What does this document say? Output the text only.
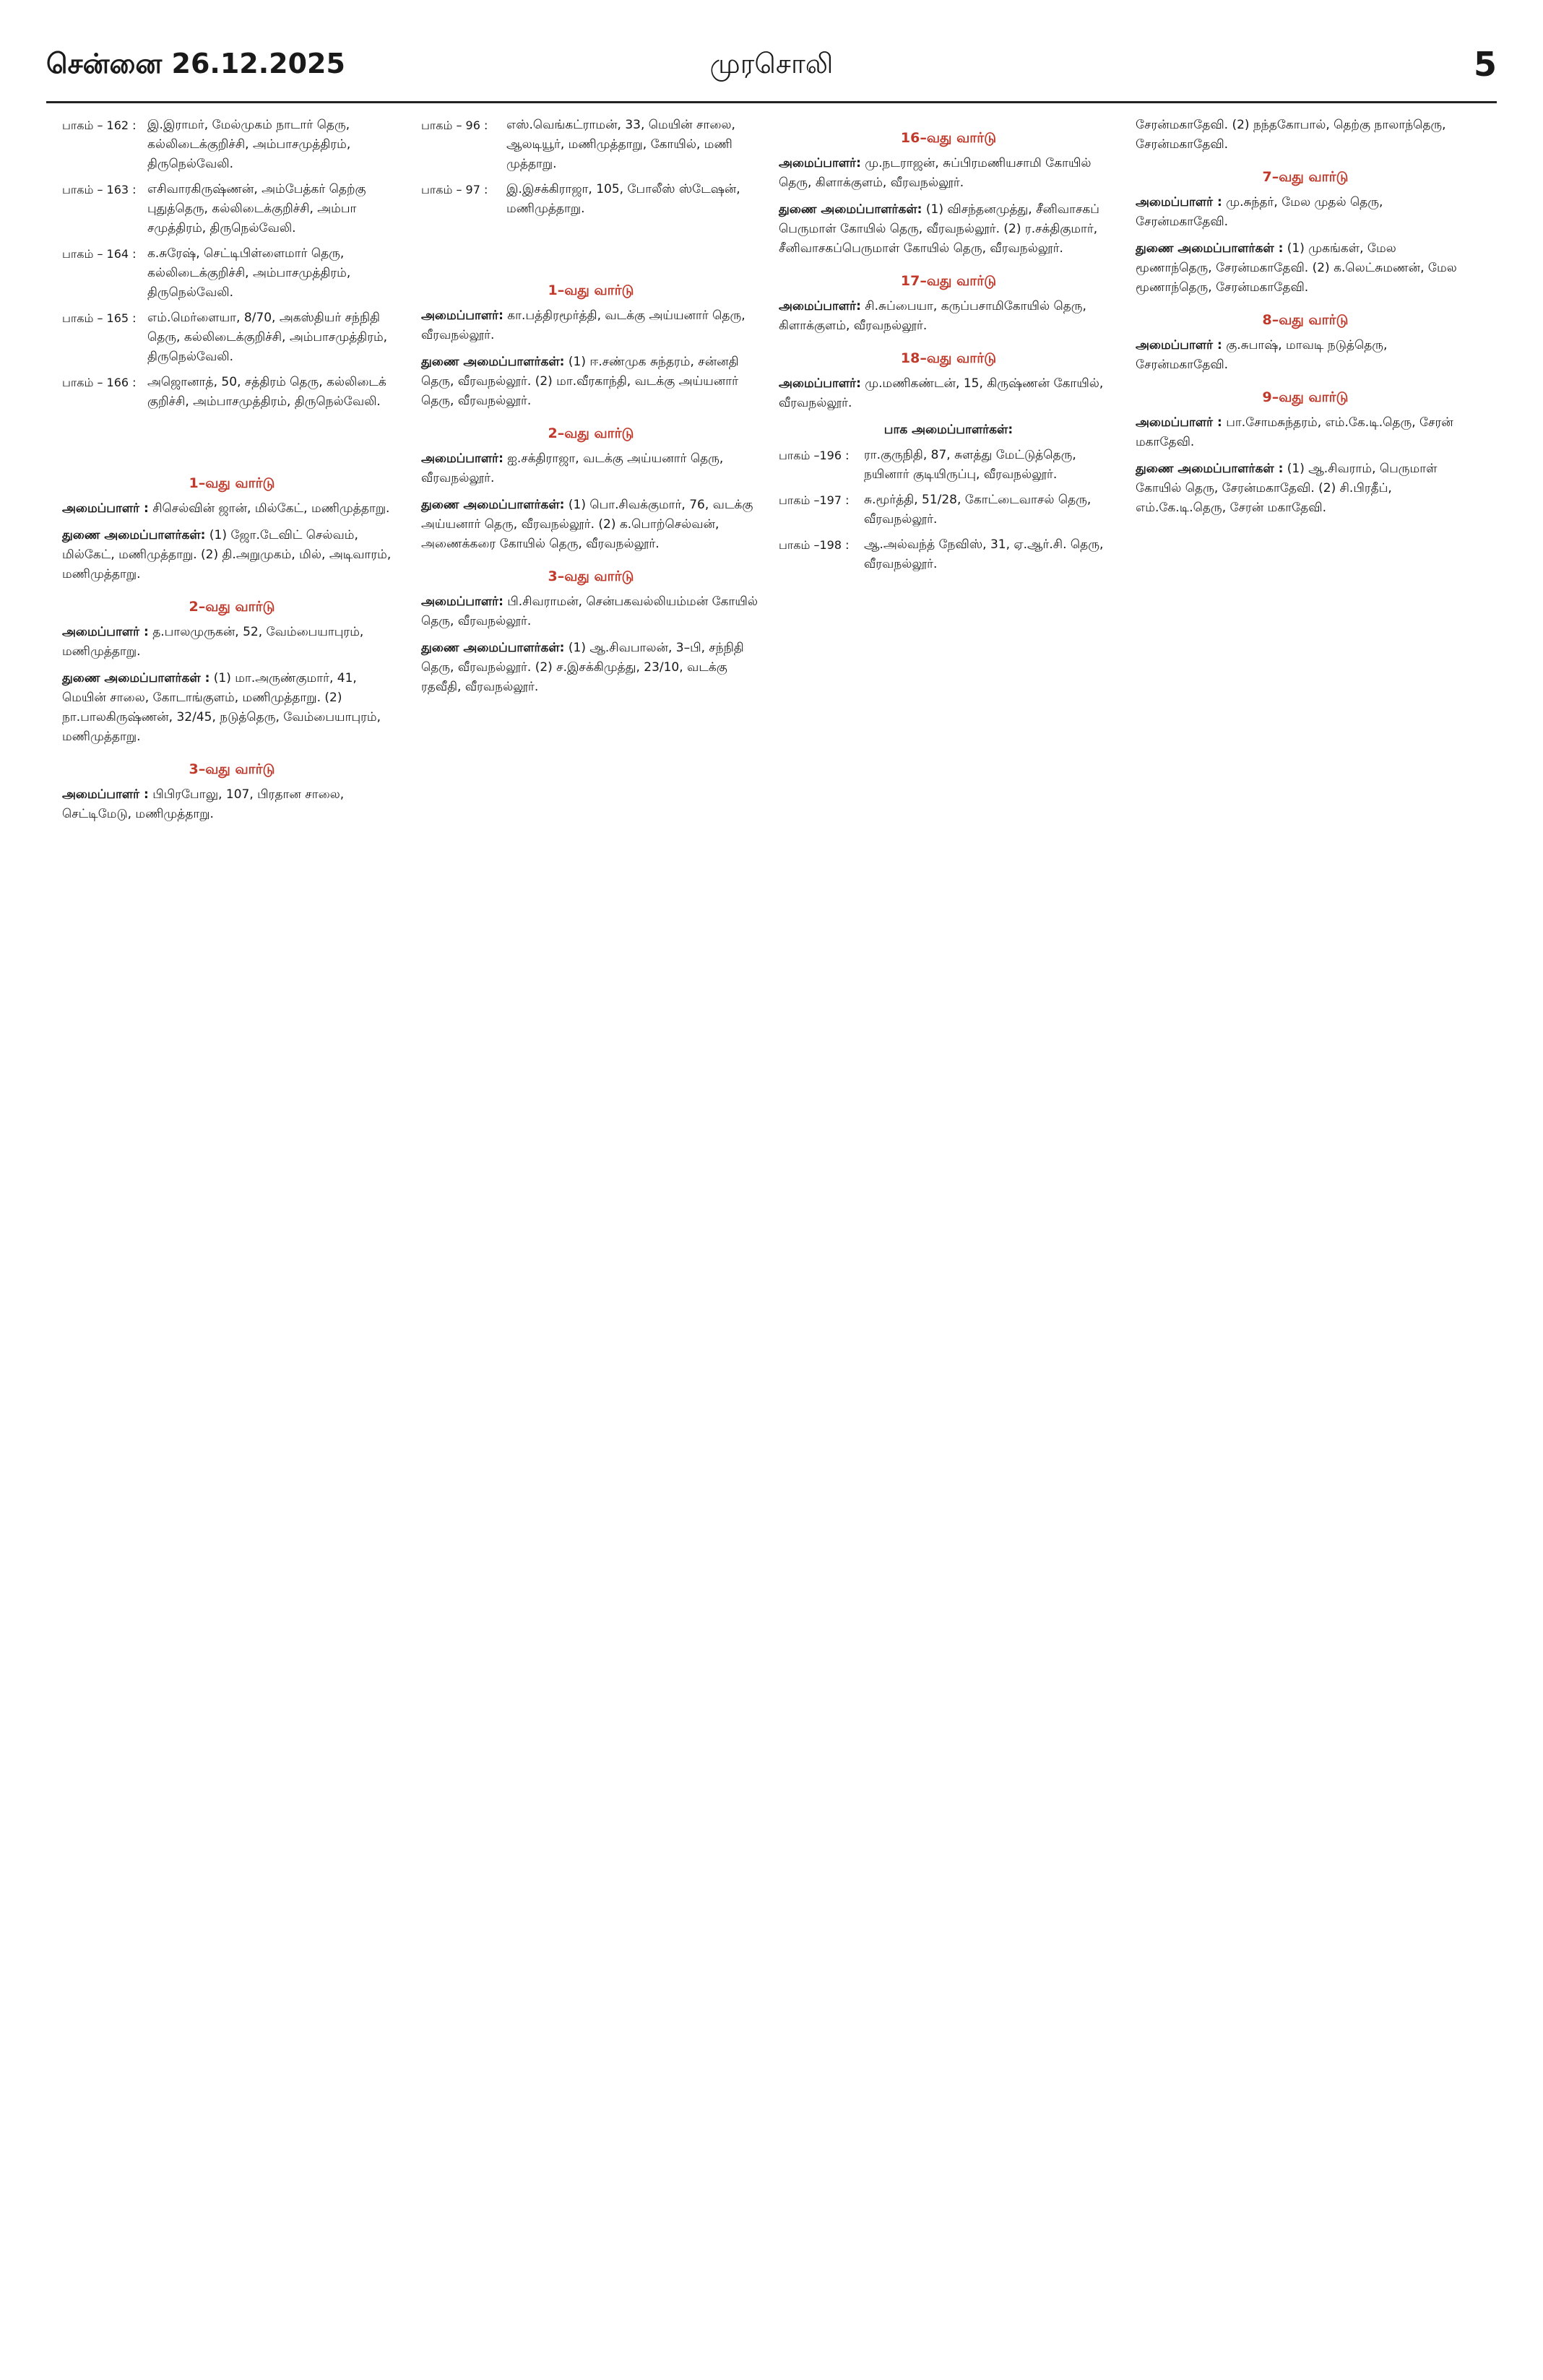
சென்னை 26.12.2025	முரசொலி	5
பாகம் – 162 : இ.இராமர், மேல்முகம் நாடார் தெரு, கல்லிடைக்குறிச்சி, அம்பாசமுத்திரம், திருநெல்வேலி.
பாகம் – 163 : எசிவாரகிருஷ்ணன், அம்பேத்கர் தெற்கு புதுத்தெரு, கல்லிடைக்குறிச்சி, அம்பா சமுத்திரம், திருநெல்வேலி.
பாகம் – 164 : க.சுரேஷ், செட்டிபிள்ளைமார் தெரு, கல்லிடைக்குறிச்சி, அம்பாசமுத்திரம், திருநெல்வேலி.
பாகம் – 165 : எம்.மெர்ளையா, 8/70, அகஸ்தியர் சந்நிதி தெரு, கல்லிடைக்குறிச்சி, அம்பாசமுத்திரம், திருநெல்வேலி.
பாகம் – 166 : அஜொனாத், 50, சத்திரம் தெரு, கல்லிடைக் குறிச்சி, அம்பாசமுத்திரம், திருநெல்வேலி.
1–வது வார்டு
அமைப்பாளர் : சிசெல்வின் ஜான், மில்கேட், மணிமுத்தாறு.
துணை அமைப்பாளர்கள்: (1) ஜோ.டேவிட் செல்வம், மில்கேட், மணிமுத்தாறு. (2) தி.அறுமுகம், மில், அடிவாரம், மணிமுத்தாறு.
2–வது வார்டு
அமைப்பாளர் : த.பாலமுருகன், 52, வேம்பையாபுரம், மணிமுத்தாறு.
துணை அமைப்பாளர்கள் : (1) மா.அருண்குமார், 41, மெயின் சாலை, கோடாங்குளம், மணிமுத்தாறு. (2) நா.பாலகிருஷ்ணன், 32/45, நடுத்தெரு, வேம்பையாபுரம், மணிமுத்தாறு.
3–வது வார்டு
அமைப்பாளர் : பிபிரபோலு, 107, பிரதான சாலை, செட்டிமேடு, மணிமுத்தாறு.
பாகம் – 96 :	எஸ்.வெங்கட்ராமன், 33, மெயின் சாலை, ஆலடியூர், மணிமுத்தாறு, கோயில், மணி முத்தாறு.
பாகம் – 97 :	இ.இசக்கிராஜா, 105, போலீஸ் ஸ்டேஷன், மணிமுத்தாறு.
1–வது வார்டு
அமைப்பாளர்: கா.பத்திரமூர்த்தி, வடக்கு அய்யனார் தெரு, வீரவநல்லூர்.
துணை அமைப்பாளர்கள்: (1) ஈ.சண்முக சுந்தரம், சன்னதி தெரு, வீரவநல்லூர். (2) மா.வீரகாந்தி, வடக்கு அய்யனார் தெரு, வீரவநல்லூர்.
2–வது வார்டு
அமைப்பாளர்: ஐ.சக்திராஜா, வடக்கு அய்யனார் தெரு, வீரவநல்லூர்.
துணை அமைப்பாளர்கள்: (1) பொ.சிவக்குமார், 76, வடக்கு அய்யனார் தெரு, வீரவநல்லூர். (2) க.பொற்செல்வன், அணைக்கரை கோயில் தெரு, வீரவநல்லூர்.
3–வது வார்டு
அமைப்பாளர்: பி.சிவராமன், சென்பகவல்லியம்மன் கோயில் தெரு, வீரவநல்லூர்.
துணை அமைப்பாளர்கள்: (1) ஆ.சிவபாலன், 3–பி, சந்நிதி தெரு, வீரவநல்லூர். (2) ச.இசக்கிமுத்து, 23/10, வடக்கு ரதவீதி, வீரவநல்லூர்.
16–வது வார்டு
அமைப்பாளர்: மு.நடராஜன், சுப்பிரமணியசாமி கோயில் தெரு, கிளாக்குளம், வீரவநல்லூர்.
துணை அமைப்பாளர்கள்: (1) விசந்தனமுத்து, சீனிவாசகப் பெருமாள் கோயில் தெரு, வீரவநல்லூர். (2) ர.சக்திகுமார், சீனிவாசகப்பெருமாள் கோயில் தெரு, வீரவநல்லூர்.
17–வது வார்டு
அமைப்பாளர்: சி.சுப்பையா, கருப்பசாமிகோயில் தெரு, கிளாக்குளம், வீரவநல்லூர்.
18–வது வார்டு
அமைப்பாளர்: மு.மணிகண்டன், 15, கிருஷ்ணன் கோயில், வீரவநல்லூர்.
பாக அமைப்பாளர்கள்:
பாகம் –196 :	ரா.குருநிதி, 87, சுளத்து மேட்டுத்தெரு, நயினார் குடியிருப்பு, வீரவநல்லூர்.
பாகம் –197 :	சு.மூர்த்தி, 51/28, கோட்டைவாசல் தெரு, வீரவநல்லூர்.
பாகம் –198 :	ஆ.அல்வந்த் நேவிஸ், 31, ஏ.ஆர்.சி. தெரு, வீரவநல்லூர்.
சேரன்மகாதேவி. (2) நந்தகோபால், தெற்கு நாலாந்தெரு, சேரன்மகாதேவி.
7–வது வார்டு
அமைப்பாளர் : மு.சுந்தர், மேல முதல் தெரு, சேரன்மகாதேவி.
துணை அமைப்பாளர்கள் : (1) முகங்கள், மேல மூணாந்தெரு, சேரன்மகாதேவி. (2) க.லெட்சுமணன், மேல மூணாந்தெரு, சேரன்மகாதேவி.
8–வது வார்டு
அமைப்பாளர் : கு.சுபாஷ், மாவடி நடுத்தெரு, சேரன்மகாதேவி.
9–வது வார்டு
அமைப்பாளர் : பா.சோமசுந்தரம், எம்.கே.டி.தெரு, சேரன் மகாதேவி.
துணை அமைப்பாளர்கள் : (1) ஆ.சிவராம், பெருமாள் கோயில் தெரு, சேரன்மகாதேவி. (2) சி.பிரதீப், எம்.கே.டி.தெரு, சேரன் மகாதேவி.
